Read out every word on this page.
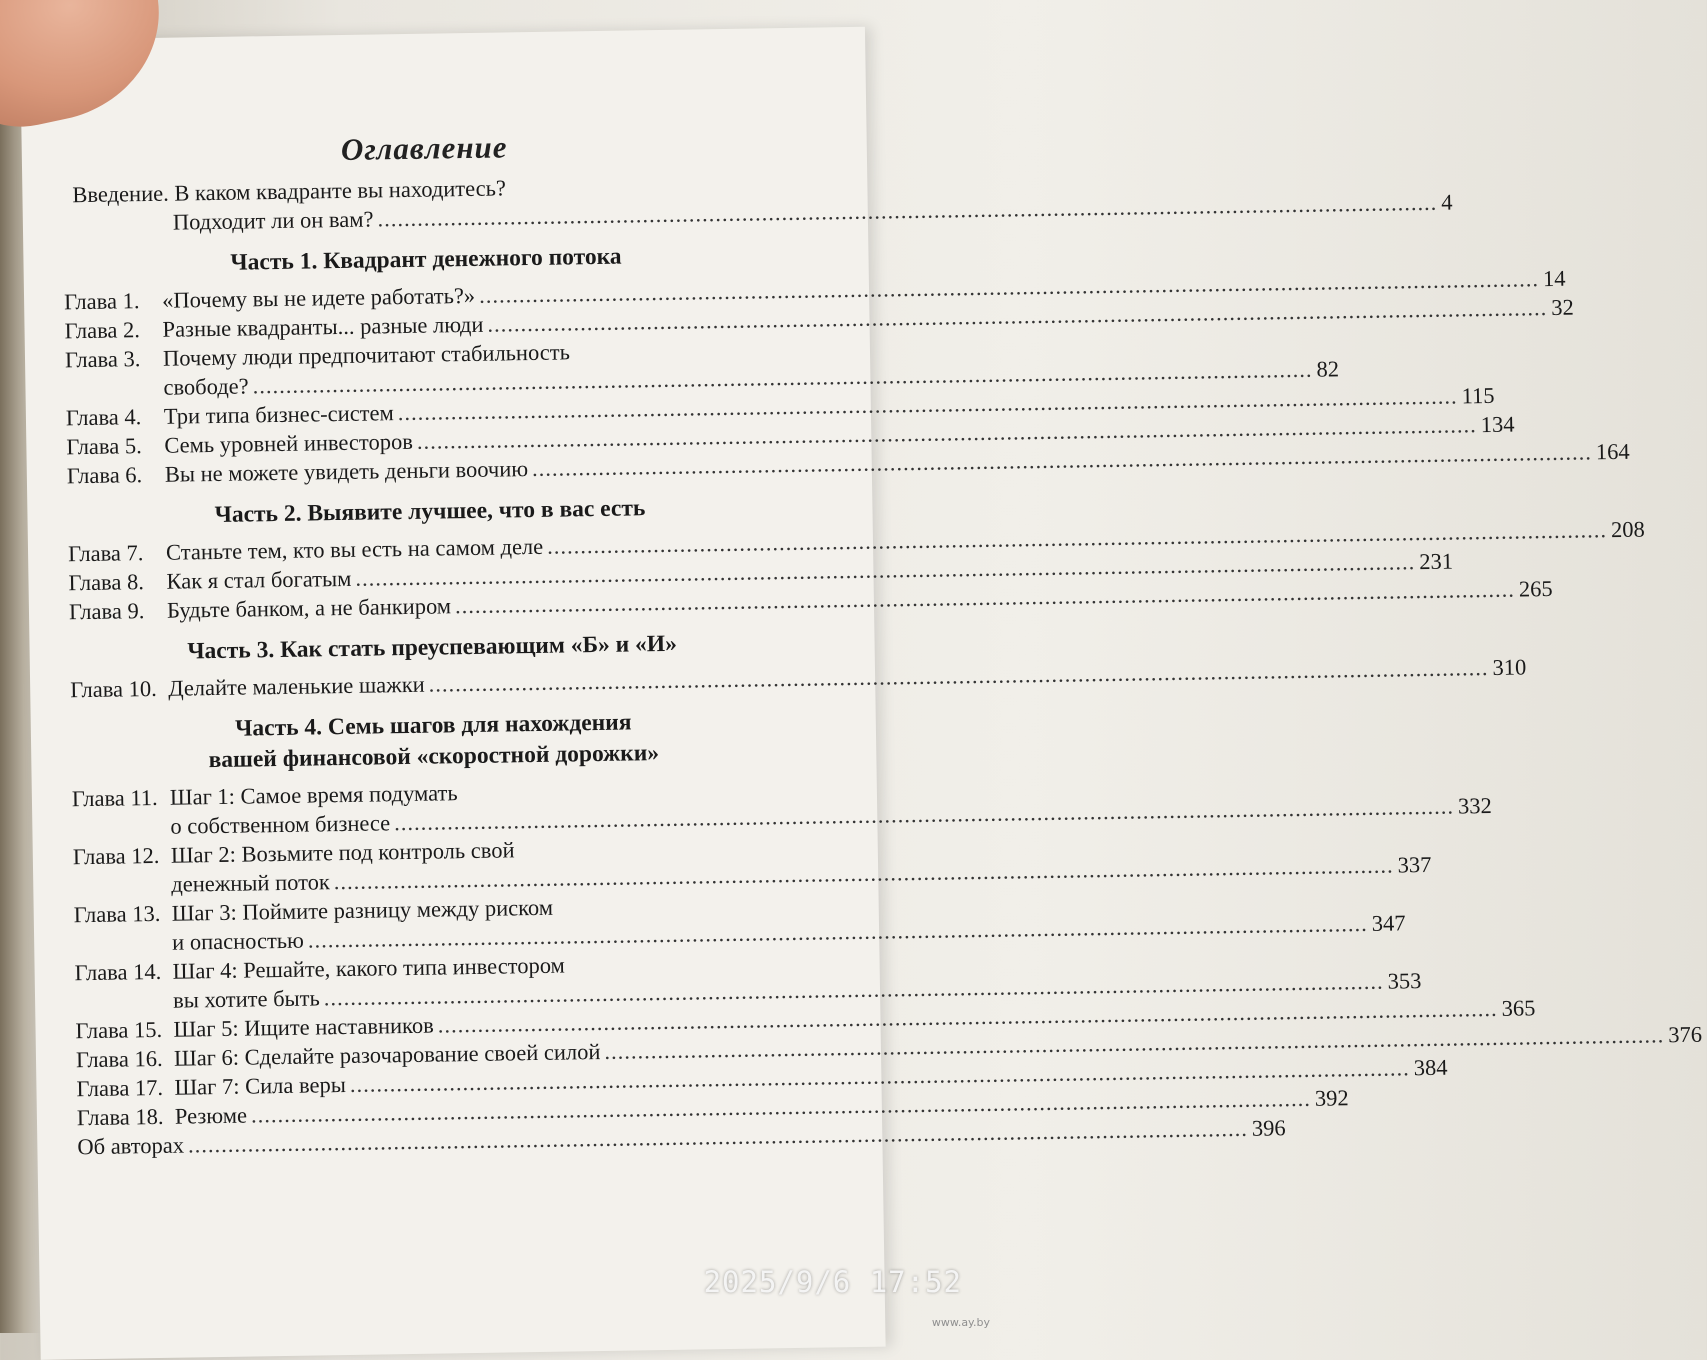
Оглавление
Введение. В каком квадранте вы находитесь?
Подходит ли он вам?
.....
4
Часть 1. Квадрант денежного потока
Глава 1. «Почему вы не идете работать?»
.....
14
Глава 2. Разные квадранты... разные люди
.....
32
Глава 3. Почему люди предпочитают стабильность
свободе?
.....
82
Глава 4. Три типа бизнес-систем
.....
115
Глава 5. Семь уровней инвесторов
.....
134
Глава 6. Вы не можете увидеть деньги воочию
.....
164
Часть 2. Выявите лучшее, что в вас есть
Глава 7. Станьте тем, кто вы есть на самом деле
.....
208
Глава 8. Как я стал богатым
.....
231
Глава 9. Будьте банком, а не банкиром
.....
265
Часть 3. Как стать преуспевающим «Б» и «И»
Глава 10. Делайте маленькие шажки
.....
310
Часть 4. Семь шагов для нахождения
вашей финансовой «скоростной дорожки»
Глава 11. Шаг 1: Самое время подумать
о собственном бизнесе
.....
332
Глава 12. Шаг 2: Возьмите под контроль свой
денежный поток
.....
337
Глава 13. Шаг 3: Поймите разницу между риском
и опасностью
.....
347
Глава 14. Шаг 4: Решайте, какого типа инвестором
вы хотите быть
.....
353
Глава 15. Шаг 5: Ищите наставников
.....
365
Глава 16. Шаг 6: Сделайте разочарование своей силой
.....
376
Глава 17. Шаг 7: Сила веры
.....
384
Глава 18. Резюме
.....
392
Об авторах
.....
396
2025/9/6 17:52
www.ay.by
